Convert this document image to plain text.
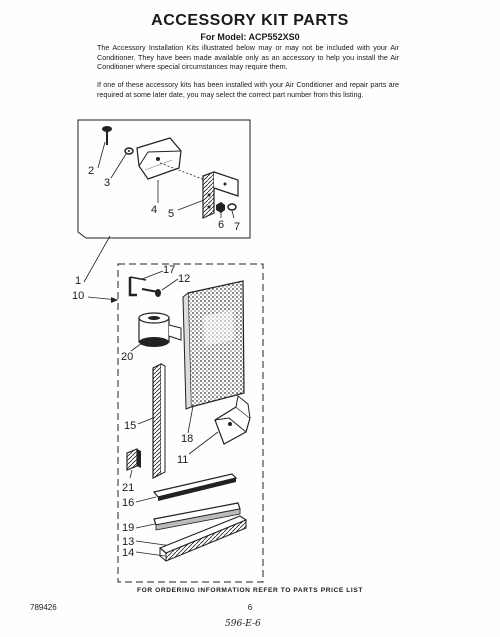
ACCESSORY KIT PARTS
For Model: ACP552XS0
The Accessory Installation Kits illustrated below may or may not be included with your Air Conditioner. They have been made available only as an accessory to help you install the Air Conditioner where special circumstances may require them.
If one of these accessory kits has been installed with your Air Conditioner and repair parts are required at some later date, you may select the correct part number from this listing.
2
3
4 5
6 7
1
10
17
12
20
15
18
11
21
16
19
13
14
FOR ORDERING INFORMATION REFER TO PARTS PRICE LIST
789426	6
596-E-6
